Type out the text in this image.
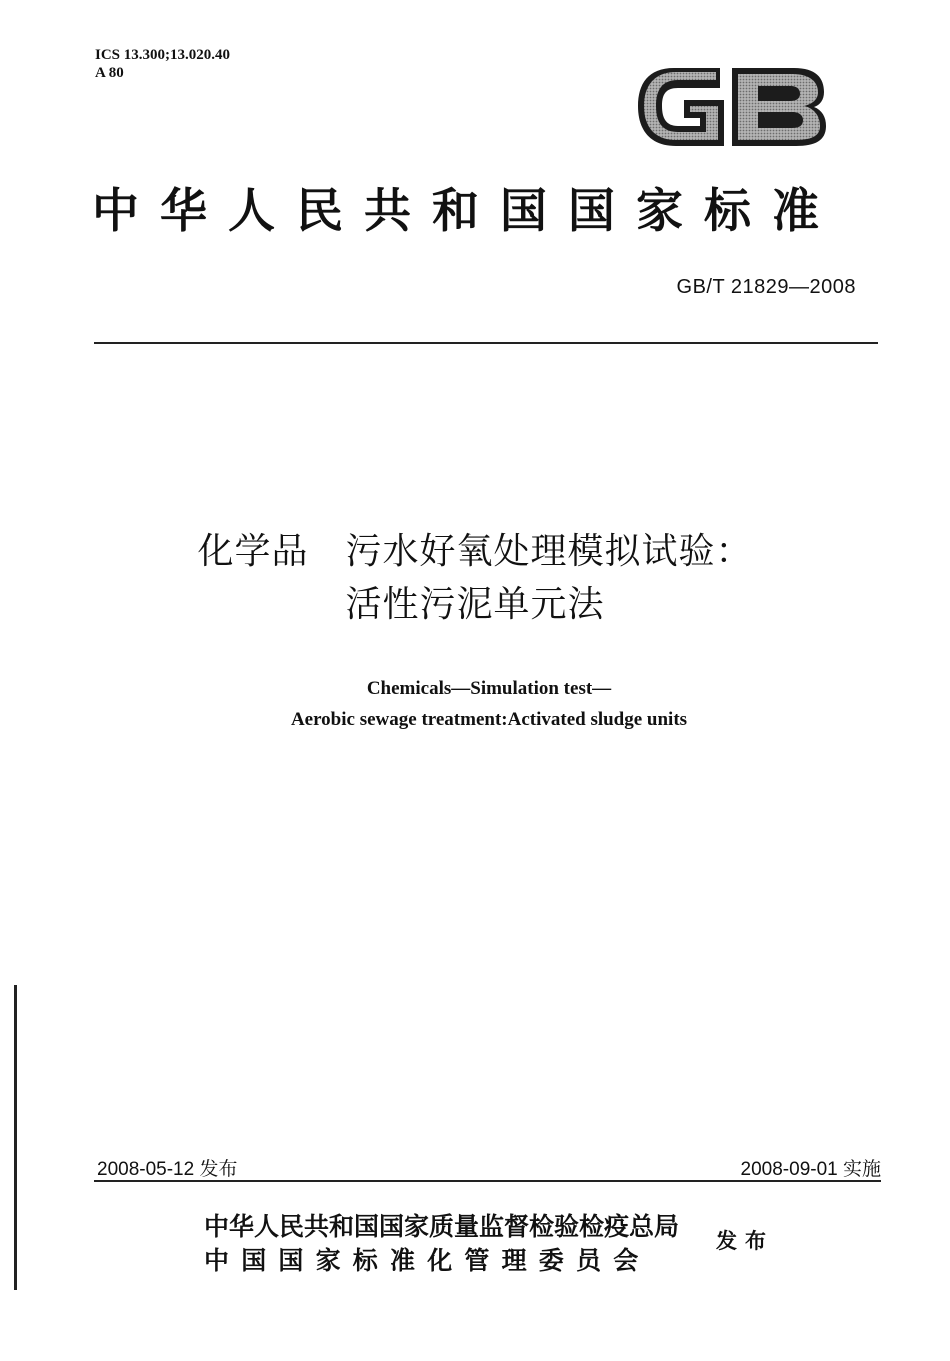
ICS 13.300;13.020.40
A 80
中华人民共和国国家标准
GB/T 21829—2008
化学品　污水好氧处理模拟试验：
活性污泥单元法
Chemicals—Simulation test—
Aerobic sewage treatment:Activated sludge units
2008-05-12 发布	2008-09-01 实施
中华人民共和国国家质量监督检验检疫总局
中国国家标准化管理委员会
发布
